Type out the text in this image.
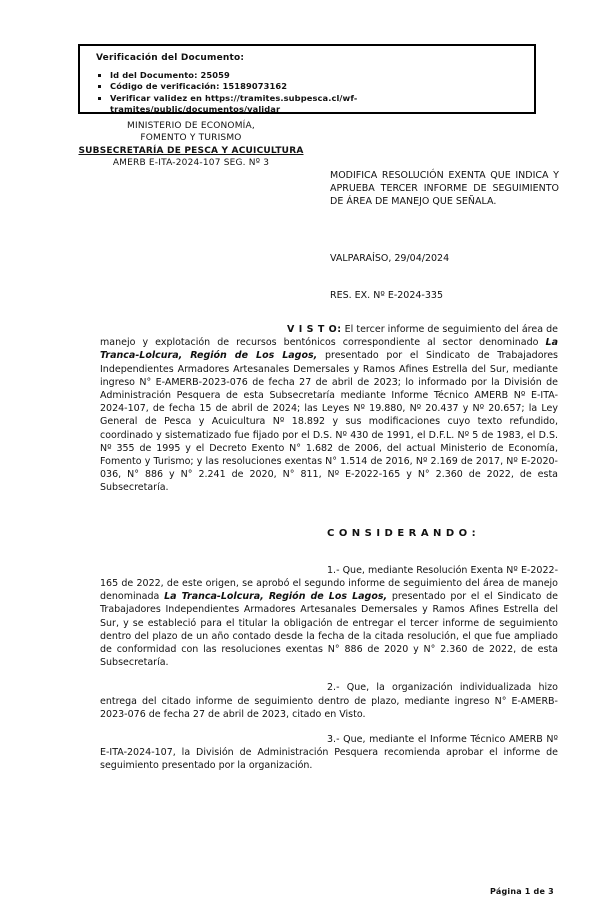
Verificación del Documento:
▪ Id del Documento: 25059
▪ Código de verificación: 15189073162
▪ Verificar validez en https://tramites.subpesca.cl/wf-tramites/public/documentos/validar
MINISTERIO DE ECONOMÍA,
FOMENTO Y TURISMO
SUBSECRETARÍA DE PESCA Y ACUICULTURA
AMERB E-ITA-2024-107 SEG. Nº 3
MODIFICA RESOLUCIÓN EXENTA QUE INDICA Y APRUEBA TERCER INFORME DE SEGUIMIENTO DE ÁREA DE MANEJO QUE SEÑALA.
VALPARAÍSO, 29/04/2024
RES. EX. Nº E-2024-335

V I S T O: El tercer informe de seguimiento del área de manejo y explotación de recursos bentónicos correspondiente al sector denominado La Tranca-Lolcura, Región de Los Lagos, presentado por el Sindicato de Trabajadores Independientes Armadores Artesanales Demersales y Ramos Afines Estrella del Sur, mediante ingreso N° E-AMERB-2023-076 de fecha 27 de abril de 2023; lo informado por la División de Administración Pesquera de esta Subsecretaría mediante Informe Técnico AMERB Nº E-ITA-2024-107, de fecha 15 de abril de 2024; las Leyes Nº 19.880, Nº 20.437 y Nº 20.657; la Ley General de Pesca y Acuicultura Nº 18.892 y sus modificaciones cuyo texto refundido, coordinado y sistematizado fue fijado por el D.S. Nº 430 de 1991, el D.F.L. Nº 5 de 1983, el D.S. Nº 355 de 1995 y el Decreto Exento N° 1.682 de 2006, del actual Ministerio de Economía, Fomento y Turismo; y las resoluciones exentas N° 1.514 de 2016, Nº 2.169 de 2017, Nº E-2020-036, N° 886 y N° 2.241 de 2020, N° 811, Nº E-2022-165 y N° 2.360 de 2022, de esta Subsecretaría.

C O N S I D E R A N D O :

1.- Que, mediante Resolución Exenta Nº E-2022-165 de 2022, de este origen, se aprobó el segundo informe de seguimiento del área de manejo denominada La Tranca-Lolcura, Región de Los Lagos, presentado por el el Sindicato de Trabajadores Independientes Armadores Artesanales Demersales y Ramos Afines Estrella del Sur, y se estableció para el titular la obligación de entregar el tercer informe de seguimiento dentro del plazo de un año contado desde la fecha de la citada resolución, el que fue ampliado de conformidad con las resoluciones exentas N° 886 de 2020 y N° 2.360 de 2022, de esta Subsecretaría.

2.- Que, la organización individualizada hizo entrega del citado informe de seguimiento dentro de plazo, mediante ingreso N° E-AMERB-2023-076 de fecha 27 de abril de 2023, citado en Visto.

3.- Que, mediante el Informe Técnico AMERB Nº E-ITA-2024-107, la División de Administración Pesquera recomienda aprobar el informe de seguimiento presentado por la organización.

Página 1 de 3
